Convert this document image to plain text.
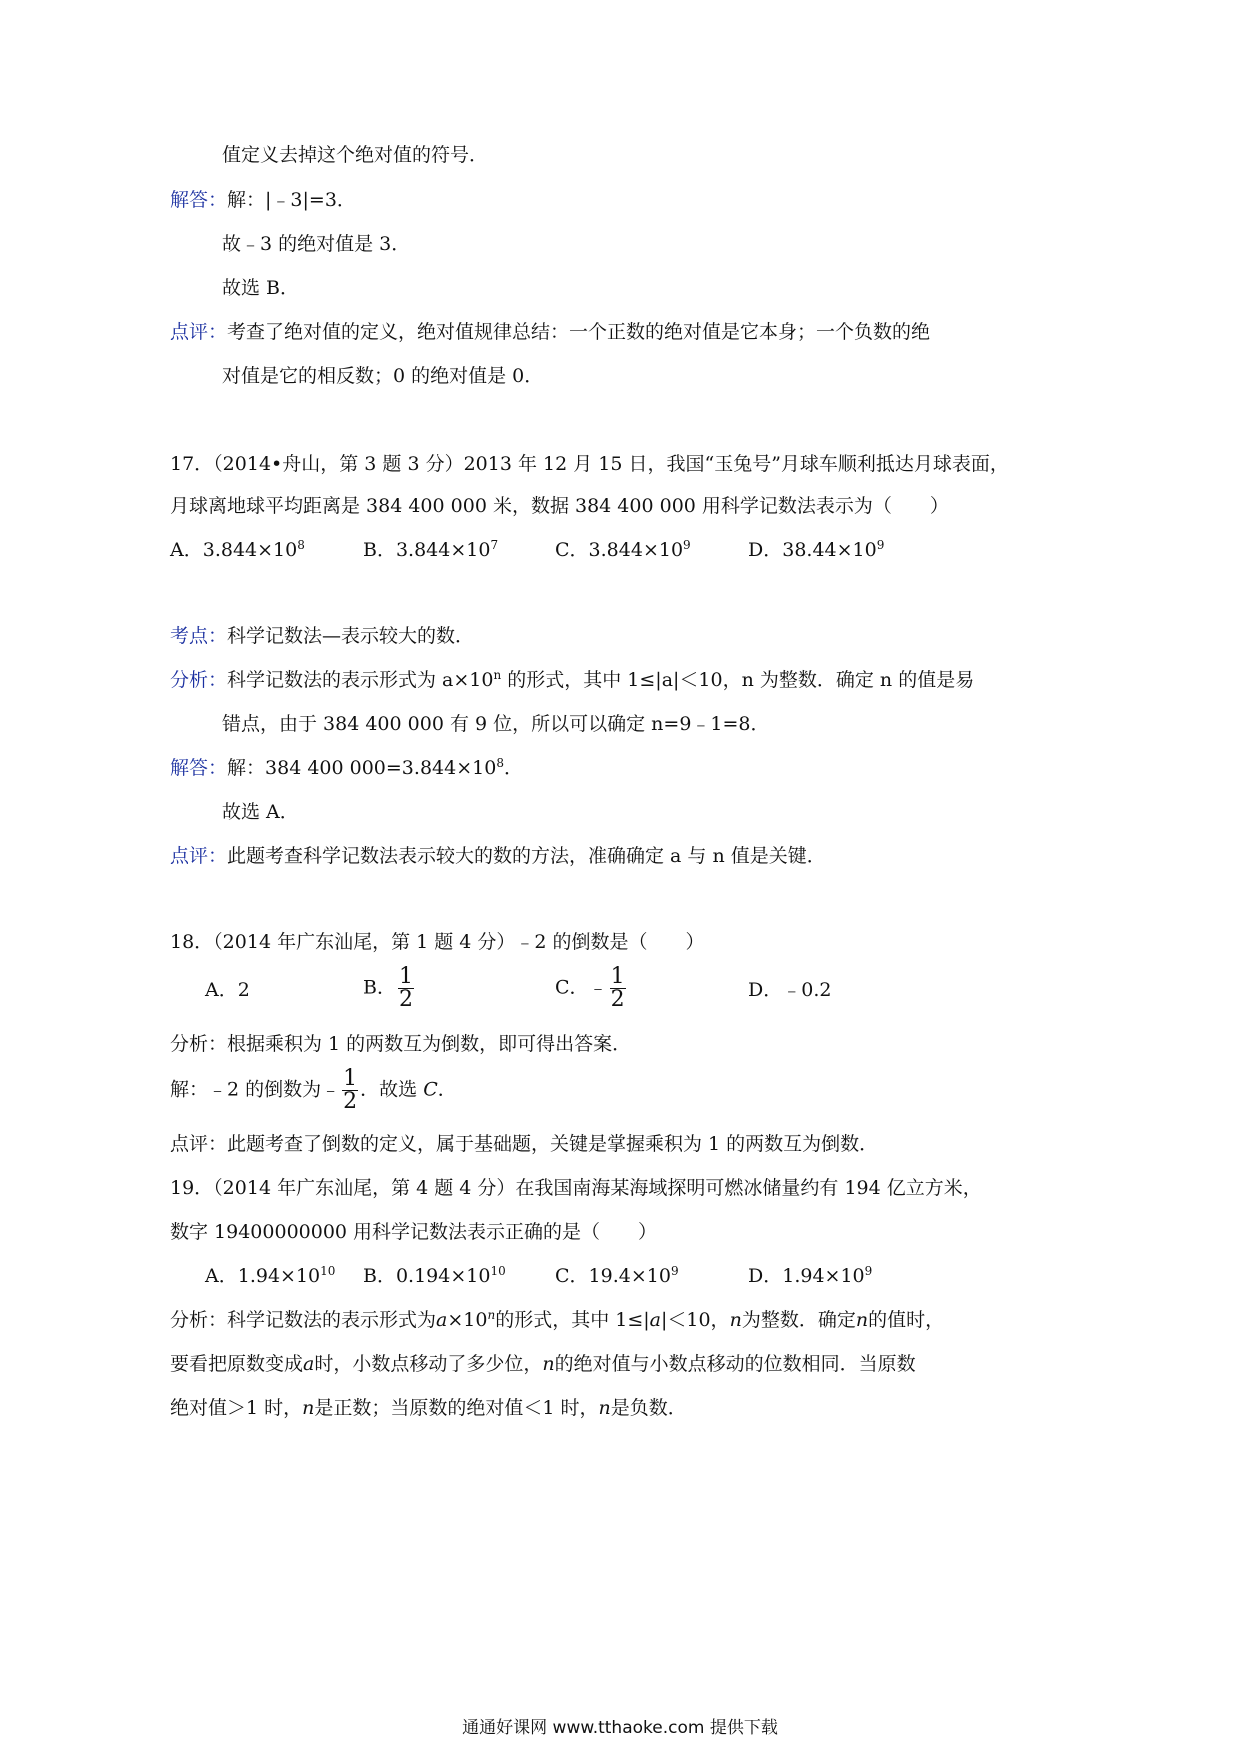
值定义去掉这个绝对值的符号．
解答：解：|﹣3|=3．
故﹣3 的绝对值是 3．
故选 B．
点评：考查了绝对值的定义，绝对值规律总结：一个正数的绝对值是它本身；一个负数的绝
对值是它的相反数；0 的绝对值是 0．
17．（2014•舟山，第 3 题 3 分）2013 年 12 月 15 日，我国“玉兔号”月球车顺利抵达月球表面，
月球离地球平均距离是 384 400 000 米，数据 384 400 000 用科学记数法表示为（　　）
A．$3.844\times 10^8$	B．$3.844\times 10^7$	C．$3.844\times 10^9$	D．$38.44\times 10^9$
考点：科学记数法—表示较大的数．
分析：科学记数法的表示形式为 $a\times 10^n$ 的形式，其中 1≤|a|＜10，n 为整数．确定 n 的值是易
错点，由于 384 400 000 有 9 位，所以可以确定 n=9﹣1=8．
解答：解：384 400 $000=3.844\times 10^8$．
故选 A．
点评：此题考查科学记数法表示较大的数的方法，准确确定 a 与 n 值是关键．
18．（2014 年广东汕尾，第 1 题 4 分）﹣2 的倒数是（　　）
A．2	B． $\frac{1}{2}$	C．﹣ $\frac{1}{2}$	D．﹣0.2
分析：根据乘积为 1 的两数互为倒数，即可得出答案．
解：﹣2 的倒数为﹣ $\frac{1}{2}$ ．故选 C．
点评：此题考查了倒数的定义，属于基础题，关键是掌握乘积为 1 的两数互为倒数．
19．（2014 年广东汕尾，第 4 题 4 分）在我国南海某海域探明可燃冰储量约有 194 亿立方米，
数字 19400000000 用科学记数法表示正确的是（　　）
A．$1.94\times 10^{10}$ B．$0.194\times 10^{10}$	C．$19.4\times 10^9$	D．$1.94\times 10^9$
分析：科学记数法的表示形式为$a\times 10^n$的形式，其中 1≤|a|＜10，n为整数．确定n的值时，
要看把原数变成a时，小数点移动了多少位，n的绝对值与小数点移动的位数相同．当原数
绝对值＞1 时，n是正数；当原数的绝对值＜1 时，n是负数．
通通好课网 www.tthaoke.com 提供下载
